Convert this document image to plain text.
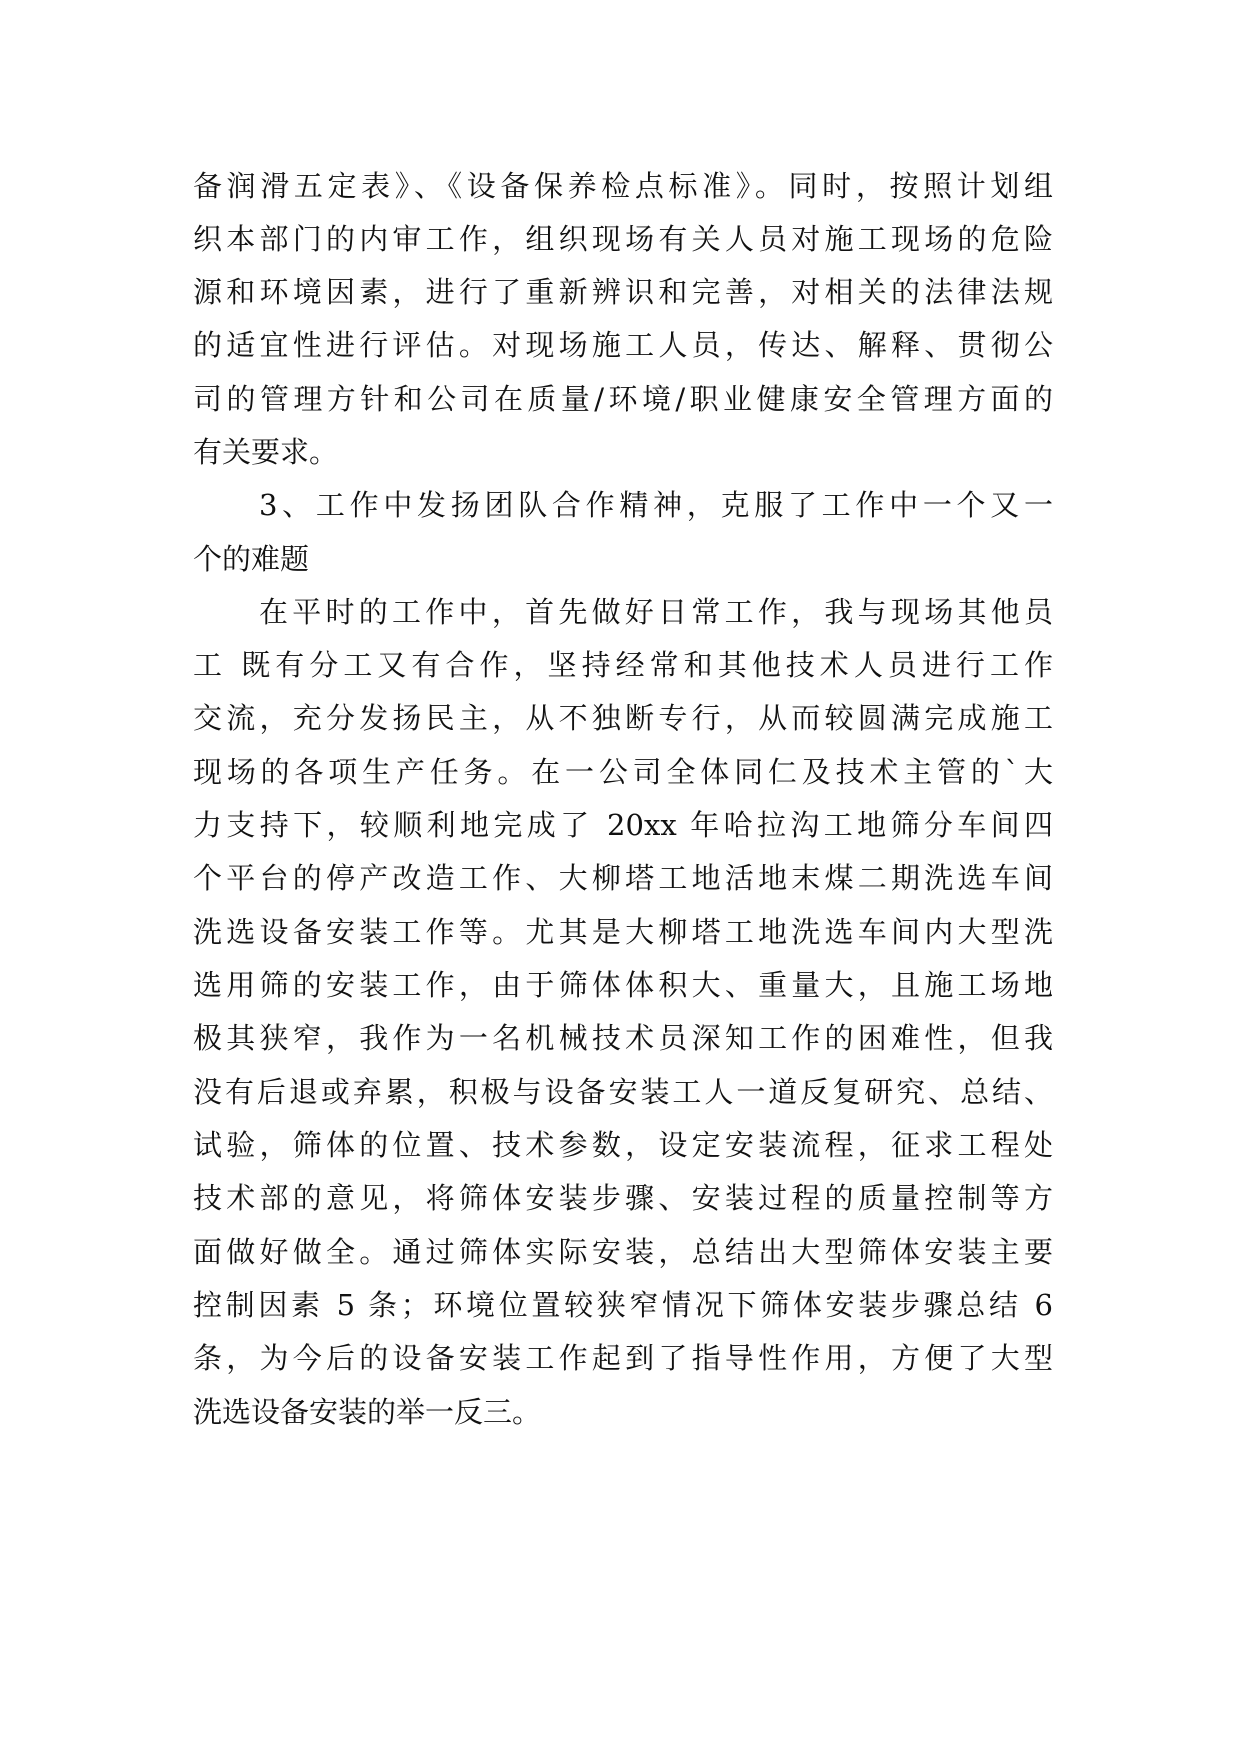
备润滑五定表》、《设备保养检点标准》。同时，按照计划组
织本部门的内审工作，组织现场有关人员对施工现场的危险
源和环境因素，进行了重新辨识和完善，对相关的法律法规
的适宜性进行评估。对现场施工人员，传达、解释、贯彻公
司的管理方针和公司在质量/环境/职业健康安全管理方面的
有关要求。
3、工作中发扬团队合作精神，克服了工作中一个又一
个的难题
在平时的工作中，首先做好日常工作，我与现场其他员
工 既有分工又有合作，坚持经常和其他技术人员进行工作
交流，充分发扬民主，从不独断专行，从而较圆满完成施工
现场的各项生产任务。在一公司全体同仁及技术主管的`大
力支持下，较顺利地完成了 20xx 年哈拉沟工地筛分车间四
个平台的停产改造工作、大柳塔工地活地末煤二期洗选车间
洗选设备安装工作等。尤其是大柳塔工地洗选车间内大型洗
选用筛的安装工作，由于筛体体积大、重量大，且施工场地
极其狭窄，我作为一名机械技术员深知工作的困难性，但我
没有后退或弃累，积极与设备安装工人一道反复研究、总结、
试验，筛体的位置、技术参数，设定安装流程，征求工程处
技术部的意见，将筛体安装步骤、安装过程的质量控制等方
面做好做全。通过筛体实际安装，总结出大型筛体安装主要
控制因素 5 条；环境位置较狭窄情况下筛体安装步骤总结 6
条，为今后的设备安装工作起到了指导性作用，方便了大型
洗选设备安装的举一反三。
